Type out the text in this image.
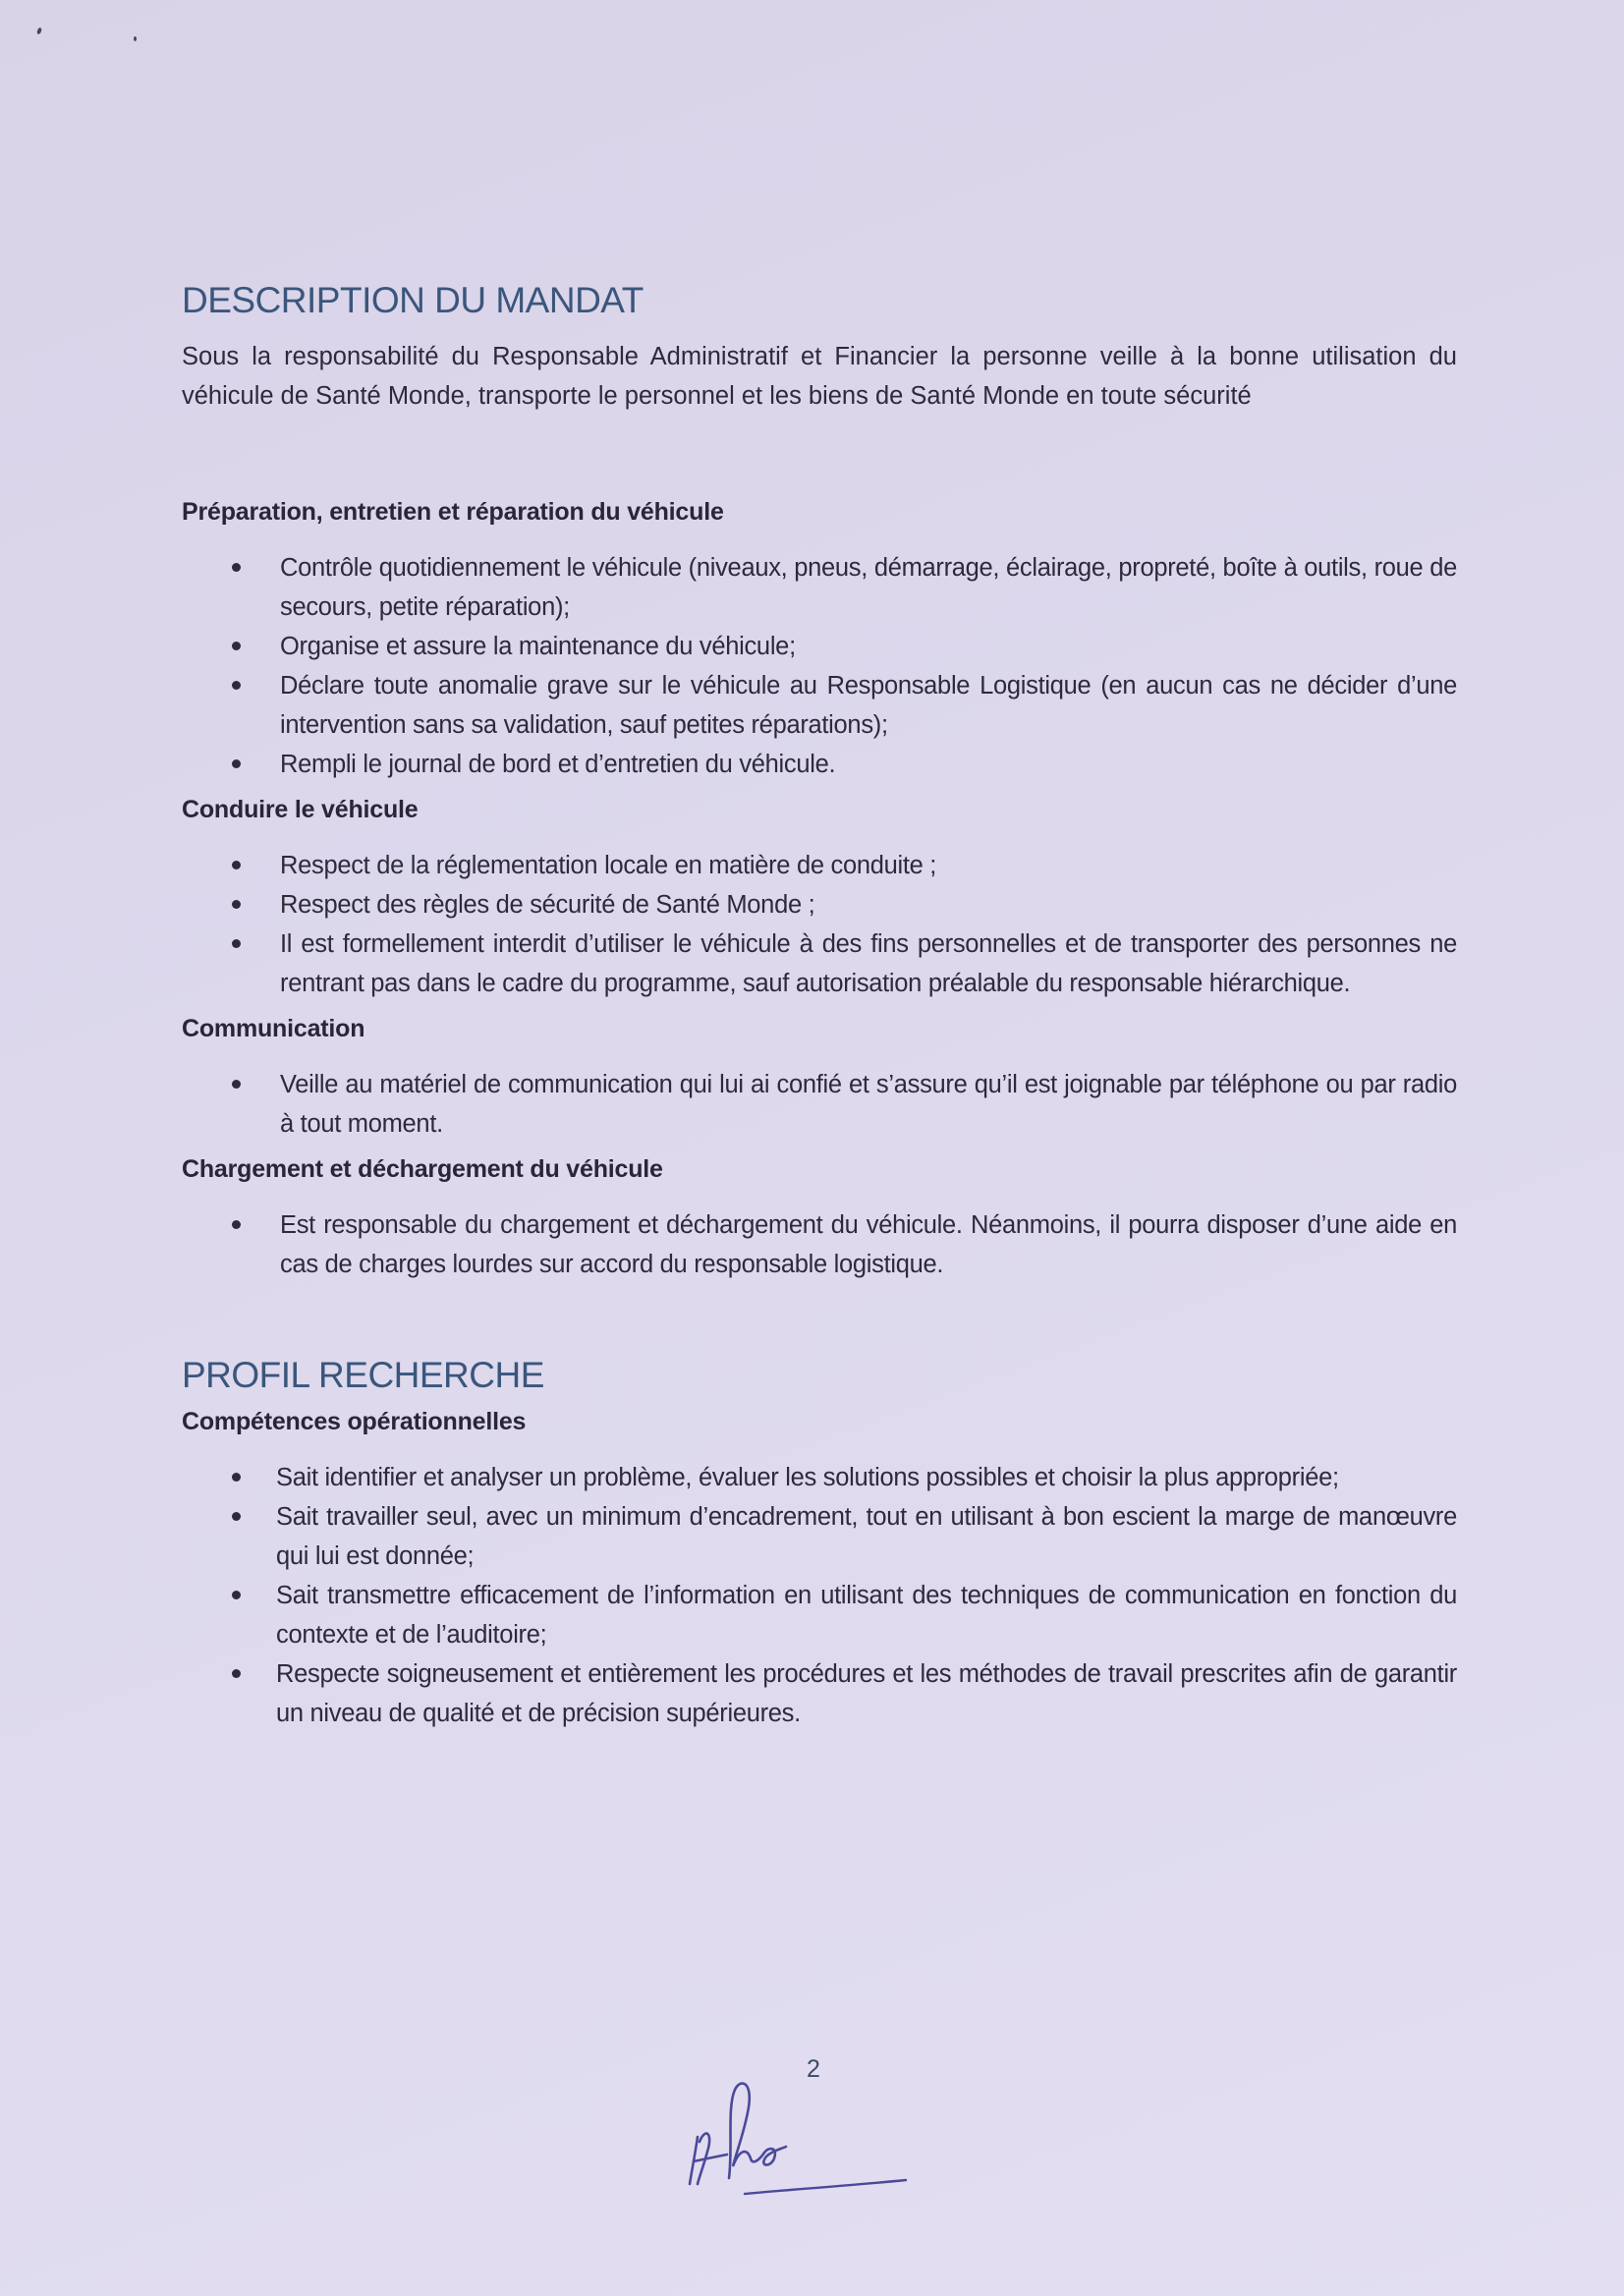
DESCRIPTION DU MANDAT

Sous la responsabilité du Responsable Administratif et Financier la personne veille à la bonne utilisation du véhicule de Santé Monde, transporte le personnel et les biens de Santé Monde en toute sécurité

Préparation, entretien et réparation du véhicule
Contrôle quotidiennement le véhicule (niveaux, pneus, démarrage, éclairage, propreté, boîte à outils, roue de secours, petite réparation);
Organise et assure la maintenance du véhicule;
Déclare toute anomalie grave sur le véhicule au Responsable Logistique (en aucun cas ne décider d’une intervention sans sa validation, sauf petites réparations);
Rempli le journal de bord et d’entretien du véhicule.
Conduire le véhicule
Respect de la réglementation locale en matière de conduite ;
Respect des règles de sécurité de Santé Monde ;
Il est formellement interdit d’utiliser le véhicule à des fins personnelles et de transporter des personnes ne rentrant pas dans le cadre du programme, sauf autorisation préalable du responsable hiérarchique.
Communication
Veille au matériel de communication qui lui ai confié et s’assure qu’il est joignable par téléphone ou par radio à tout moment.
Chargement et déchargement du véhicule
Est responsable du chargement et déchargement du véhicule. Néanmoins, il pourra disposer d’une aide en cas de charges lourdes sur accord du responsable logistique.
PROFIL RECHERCHE
Compétences opérationnelles
Sait identifier et analyser un problème, évaluer les solutions possibles et choisir la plus appropriée;
Sait travailler seul, avec un minimum d’encadrement, tout en utilisant à bon escient la marge de manœuvre qui lui est donnée;
Sait transmettre efficacement de l’information en utilisant des techniques de communication en fonction du contexte et de l’auditoire;
Respecte soigneusement et entièrement les procédures et les méthodes de travail prescrites afin de garantir un niveau de qualité et de précision supérieures.
2
